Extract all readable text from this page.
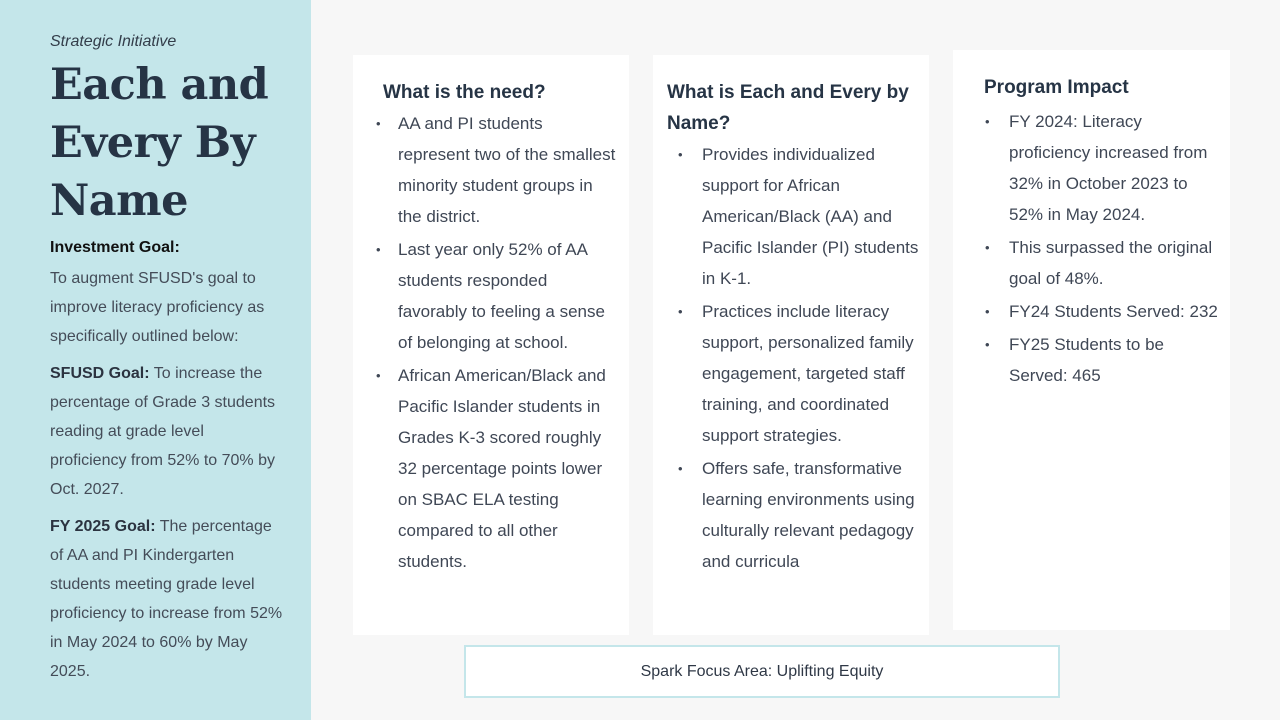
Strategic Initiative

Each and
Every By
Name
Investment Goal:

To augment SFUSD's goal to improve literacy proficiency as specifically outlined below:

SFUSD Goal: To increase the percentage of Grade 3 students reading at grade level proficiency from 52% to 70% by Oct. 2027.

FY 2025 Goal: The percentage of AA and PI Kindergarten students meeting grade level proficiency to increase from 52% in May 2024 to 60% by May 2025.

What is the need?
• AA and PI students represent two of the smallest minority student groups in the district.
• Last year only 52% of AA students responded favorably to feeling a sense of belonging at school.
• African American/Black and Pacific Islander students in Grades K-3 scored roughly 32 percentage points lower on SBAC ELA testing compared to all other students.
What is Each and Every by Name?
• Provides individualized support for African American/Black (AA) and Pacific Islander (PI) students in K-1.
• Practices include literacy support, personalized family engagement, targeted staff training, and coordinated support strategies.
• Offers safe, transformative learning environments using culturally relevant pedagogy and curricula
Program Impact
• FY 2024: Literacy proficiency increased from 32% in October 2023 to 52% in May 2024.
• This surpassed the original goal of 48%.
• FY24 Students Served: 232
• FY25 Students to be Served: 465
Spark Focus Area: Uplifting Equity
